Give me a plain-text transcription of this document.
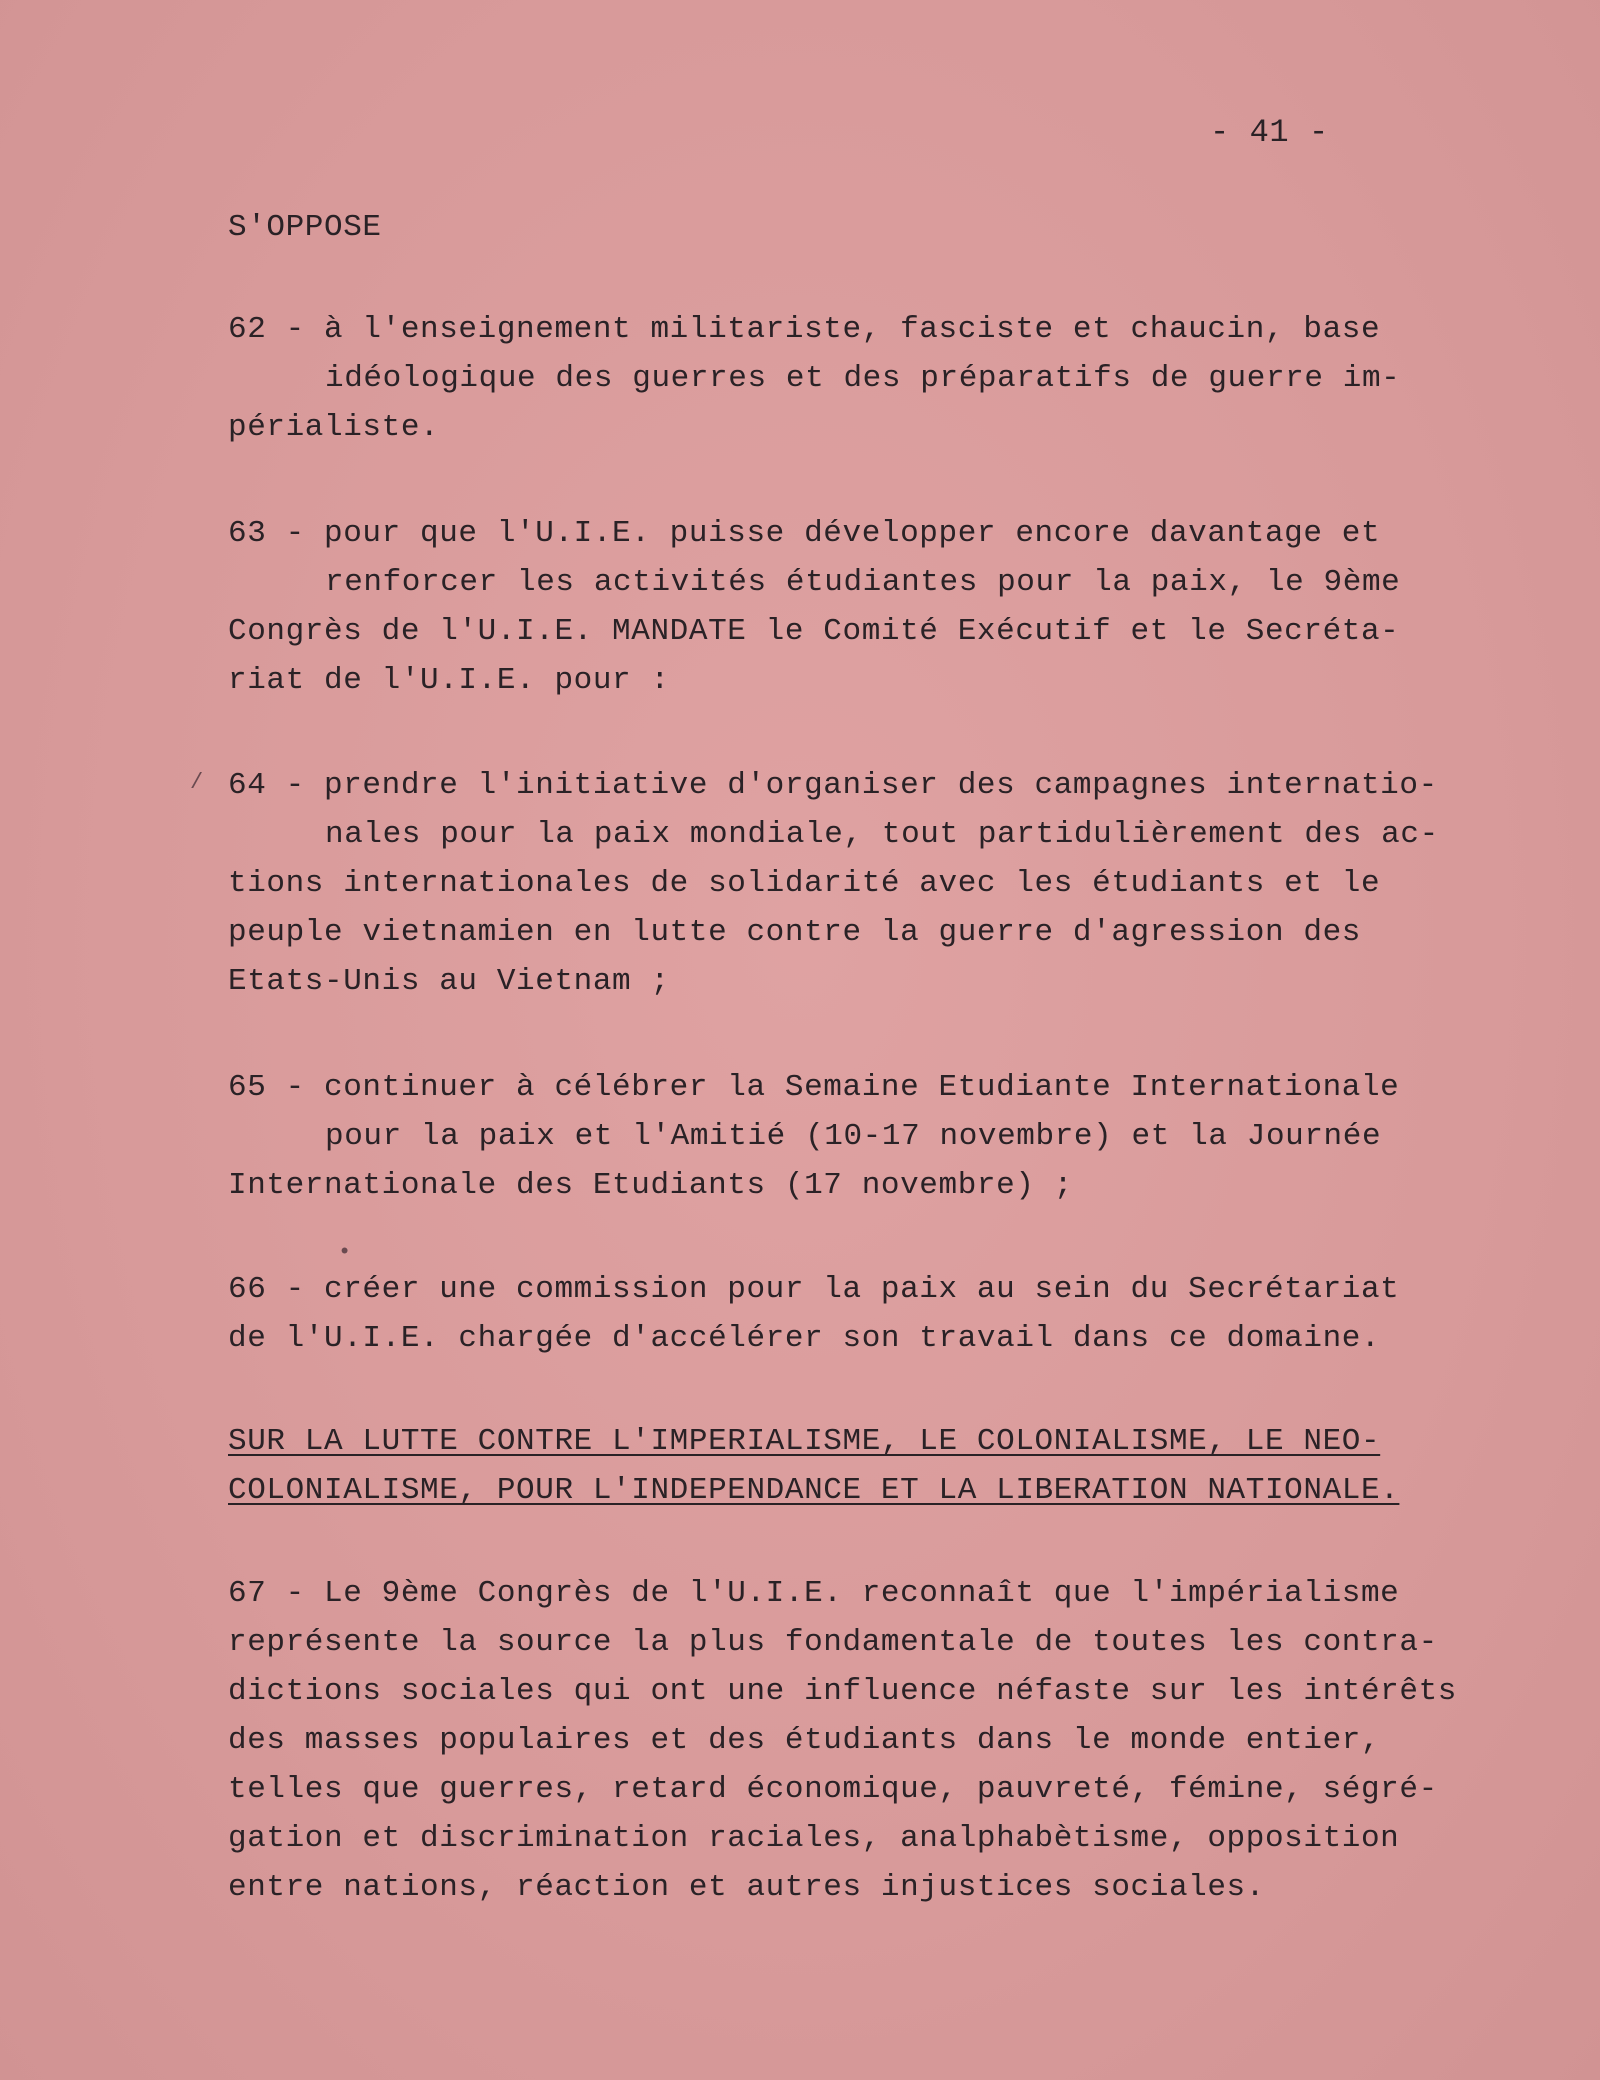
- 41 -
S'OPPOSE
62 - à l'enseignement militariste, fasciste et chaucin, base
idéologique des guerres et des préparatifs de guerre im-
périaliste.
63 - pour que l'U.I.E. puisse développer encore davantage et
renforcer les activités étudiantes pour la paix, le 9ème
Congrès de l'U.I.E. MANDATE le Comité Exécutif et le Secréta-
riat de l'U.I.E. pour :
64 - prendre l'initiative d'organiser des campagnes internatio-
nales pour la paix mondiale, tout partidulièrement des ac-
tions internationales de solidarité avec les étudiants et le
peuple vietnamien en lutte contre la guerre d'agression des
Etats-Unis au Vietnam ;
65 - continuer à célébrer la Semaine Etudiante Internationale
pour la paix et l'Amitié (10-17 novembre) et la Journée
Internationale des Etudiants (17 novembre) ;
66 - créer une commission pour la paix au sein du Secrétariat
de l'U.I.E. chargée d'accélérer son travail dans ce domaine.
SUR LA LUTTE CONTRE L'IMPERIALISME, LE COLONIALISME, LE NEO-
COLONIALISME, POUR L'INDEPENDANCE ET LA LIBERATION NATIONALE.
67 - Le 9ème Congrès de l'U.I.E. reconnaît que l'impérialisme
représente la source la plus fondamentale de toutes les contra-
dictions sociales qui ont une influence néfaste sur les intérêts
des masses populaires et des étudiants dans le monde entier,
telles que guerres, retard économique, pauvreté, fémine, ségré-
gation et discrimination raciales, analphabètisme, opposition
entre nations, réaction et autres injustices sociales.
/
•
